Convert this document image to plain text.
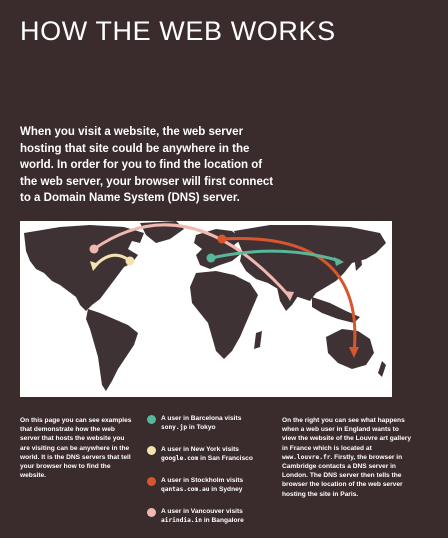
HOW THE WEB WORKS
When you visit a website, the web server hosting that site could be anywhere in the world. In order for you to find the location of the web server, your browser will first connect to a Domain Name System (DNS) server.
On this page you can see examples that demonstrate how the web server that hosts the website you are visiting can be anywhere in the world. It is the DNS servers that tell your browser how to find the website.
A user in Barcelona visits
sony.jp in Tokyo
A user in New York visits
google.com in San Francisco
A user in Stockholm visits
qantas.com.au in Sydney
A user in Vancouver visits
airindia.in in Bangalore
On the right you can see what happens when a web user in England wants to view the website of the Louvre art gallery in France which is located at www.louvre.fr. Firstly, the browser in Cambridge contacts a DNS server in London. The DNS server then tells the browser the location of the web server hosting the site in Paris.
